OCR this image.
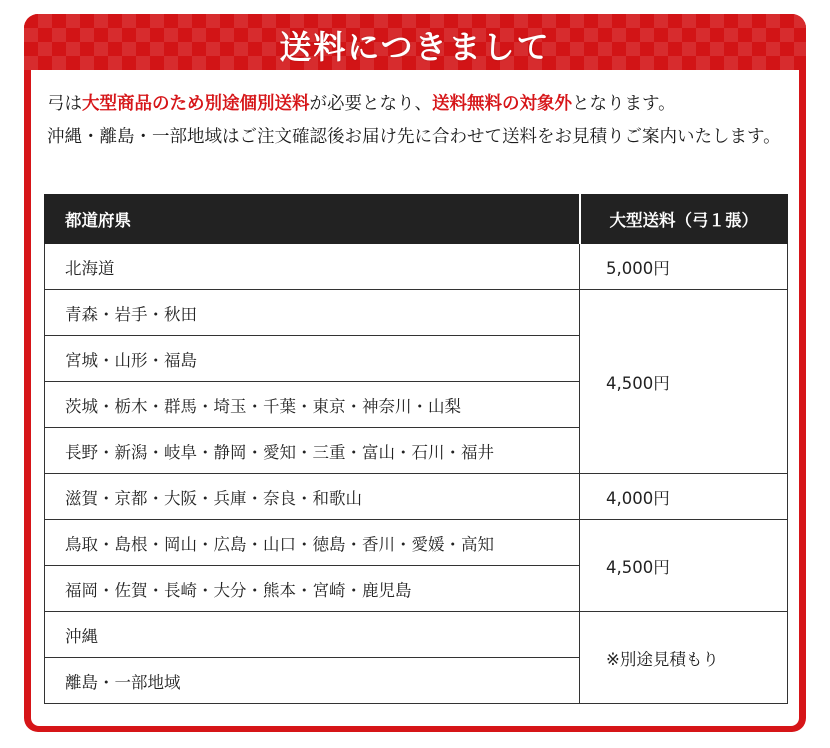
送料につきまして
弓は大型商品のため別途個別送料が必要となり、送料無料の対象外となります。
沖縄・離島・一部地域はご注文確認後お届け先に合わせて送料をお見積りご案内いたします。
都道府県	大型送料（弓１張）
北海道	5,000円
青森・岩手・秋田	4,500円
宮城・山形・福島	
茨城・栃木・群馬・埼玉・千葉・東京・神奈川・山梨	
長野・新潟・岐阜・静岡・愛知・三重・富山・石川・福井	
滋賀・京都・大阪・兵庫・奈良・和歌山	4,000円
鳥取・島根・岡山・広島・山口・徳島・香川・愛媛・高知	4,500円
福岡・佐賀・長崎・大分・熊本・宮崎・鹿児島	
沖縄	※別途見積もり
離島・一部地域	
